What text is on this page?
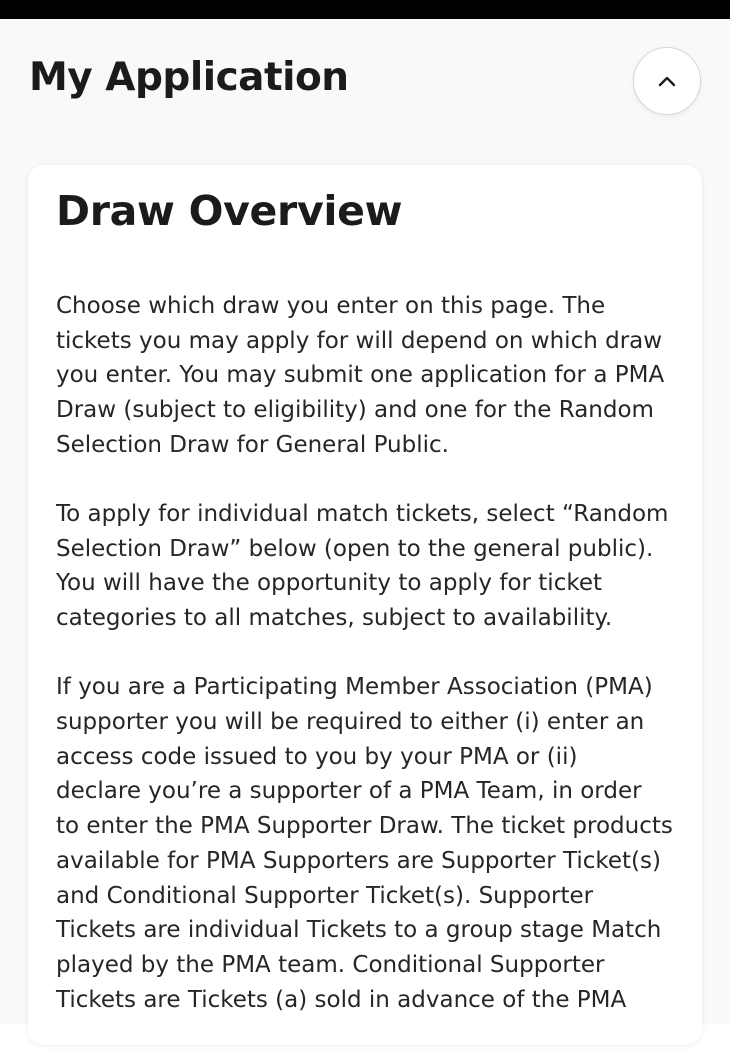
My Application
Draw Overview

Choose which draw you enter on this page. The
tickets you may apply for will depend on which draw
you enter. You may submit one application for a PMA
Draw (subject to eligibility) and one for the Random
Selection Draw for General Public.

To apply for individual match tickets, select “Random
Selection Draw” below (open to the general public).
You will have the opportunity to apply for ticket
categories to all matches, subject to availability.

If you are a Participating Member Association (PMA)
supporter you will be required to either (i) enter an
access code issued to you by your PMA or (ii)
declare you’re a supporter of a PMA Team, in order
to enter the PMA Supporter Draw. The ticket products
available for PMA Supporters are Supporter Ticket(s)
and Conditional Supporter Ticket(s). Supporter
Tickets are individual Tickets to a group stage Match
played by the PMA team. Conditional Supporter
Tickets are Tickets (a) sold in advance of the PMA
